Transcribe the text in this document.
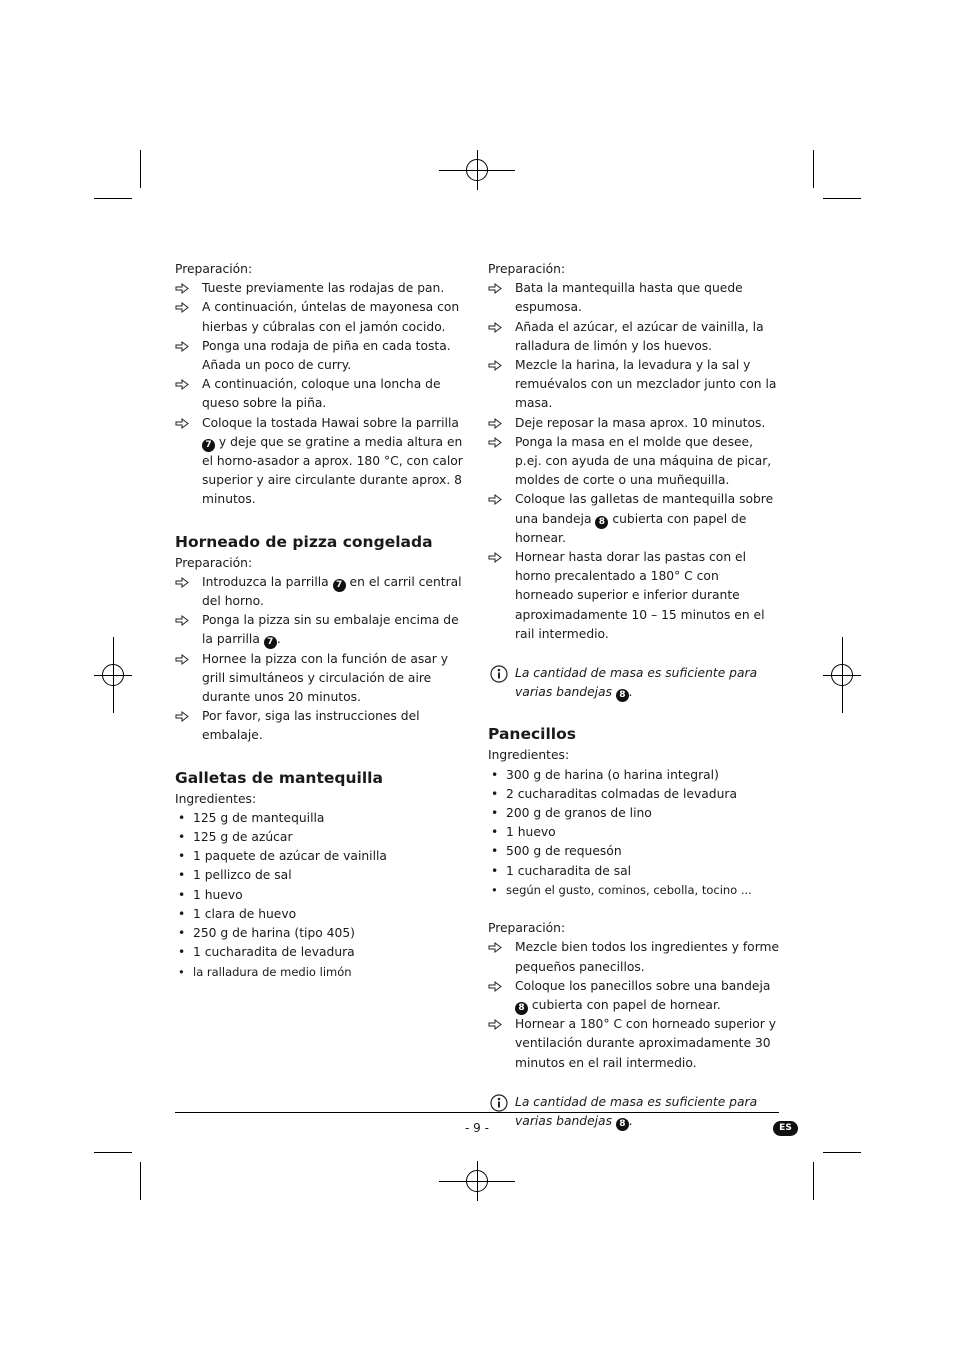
Preparación:

Tueste previamente las rodajas de pan.
A continuación, úntelas de mayonesa con hierbas y cúbralas con el jamón cocido.
Ponga una rodaja de piña en cada tosta. Añada un poco de curry.
A continuación, coloque una loncha de queso sobre la piña.
Coloque la tostada Hawai sobre la parrilla 7 y deje que se gratine a media altura en el horno-asador a aprox. 180 °C, con calor superior y aire circulante durante aprox. 8 minutos.
Horneado de pizza congelada

Preparación:

Introduzca la parrilla 7 en el carril central del horno.
Ponga la pizza sin su embalaje encima de la parrilla 7 .
Hornee la pizza con la función de asar y grill simultáneos y circulación de aire durante unos 20 minutos.
Por favor, siga las instrucciones del embalaje.
Galletas de mantequilla

Ingredientes:

• 125 g de mantequilla
• 125 g de azúcar
• 1 paquete de azúcar de vainilla
• 1 pellizco de sal
• 1 huevo
• 1 clara de huevo
• 250 g de harina (tipo 405)
• 1 cucharadita de levadura
• la ralladura de medio limón

Preparación:

Bata la mantequilla hasta que quede espumosa.
Añada el azúcar, el azúcar de vainilla, la ralladura de limón y los huevos.
Mezcle la harina, la levadura y la sal y remuévalos con un mezclador junto con la masa.
Deje reposar la masa aprox. 10 minutos.
Ponga la masa en el molde que desee, p.ej. con ayuda de una máquina de picar, moldes de corte o una muñequilla.
Coloque las galletas de mantequilla sobre una bandeja 8 cubierta con papel de hornear.
Hornear hasta dorar las pastas con el horno precalentado a 180° C con horneado superior e inferior durante aproximadamente 10 – 15 minutos en el rail intermedio.
La cantidad de masa es suficiente para varias bandejas 8 .
Panecillos

Ingredientes:

• 300 g de harina (o harina integral)
• 2 cucharaditas colmadas de levadura
• 200 g de granos de lino
• 1 huevo
• 500 g de requesón
• 1 cucharadita de sal
• según el gusto, cominos, cebolla, tocino ...

Preparación:

Mezcle bien todos los ingredientes y forme pequeños panecillos.
Coloque los panecillos sobre una bandeja 8 cubierta con papel de hornear.
Hornear a 180° C con horneado superior y ventilación durante aproximadamente 30 minutos en el rail intermedio.
La cantidad de masa es suficiente para varias bandejas 8 .
- 9 -	ES
